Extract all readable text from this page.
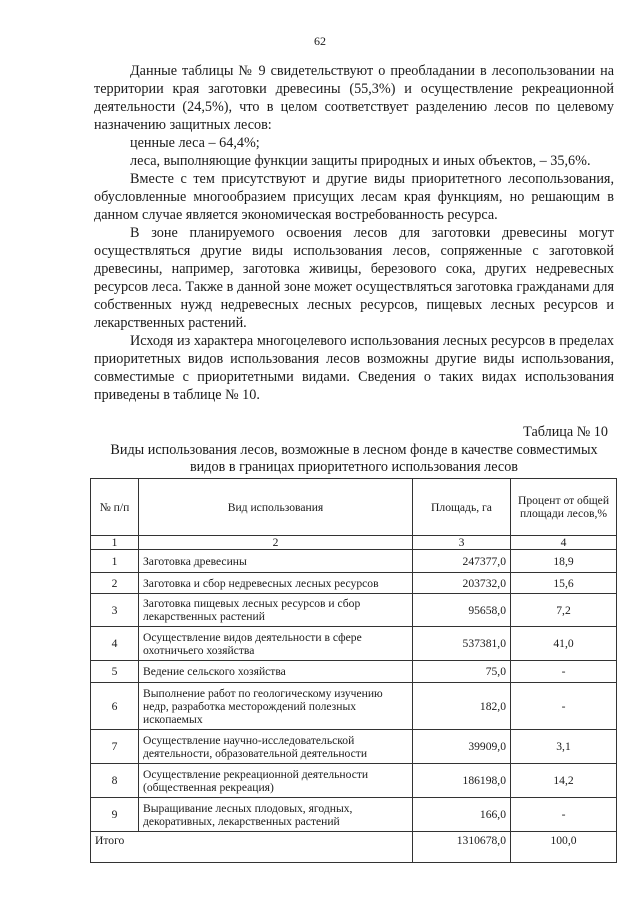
62

Данные таблицы № 9 свидетельствуют о преобладании в лесопользовании на территории края заготовки древесины (55,3%) и осуществление рекреационной деятельности (24,5%), что в целом соответствует разделению лесов по целевому назначению защитных лесов:

ценные леса – 64,4%;

леса, выполняющие функции защиты природных и иных объектов, – 35,6%.

Вместе с тем присутствуют и другие виды приоритетного лесопользования, обусловленные многообразием присущих лесам края функциям, но решающим в данном случае является экономическая востребованность ресурса.

В зоне планируемого освоения лесов для заготовки древесины могут осуществляться другие виды использования лесов, сопряженные с заготовкой древесины, например, заготовка живицы, березового сока, других недревесных ресурсов леса. Также в данной зоне может осуществляться заготовка гражданами для собственных нужд недревесных лесных ресурсов, пищевых лесных ресурсов и лекарственных растений.

Исходя из характера многоцелевого использования лесных ресурсов в пределах приоритетных видов использования лесов возможны другие виды использования, совместимые с приоритетными видами. Сведения о таких видах использования приведены в таблице № 10.

Таблица № 10
Виды использования лесов, возможные в лесном фонде в качестве совместимых видов в границах приоритетного использования лесов
№ п/п	Вид использования	Площадь, га	Процент от общей площади лесов,%
1	2	3	4
1	Заготовка древесины	247377,0	18,9
2	Заготовка и сбор недревесных лесных ресурсов	203732,0	15,6
3	Заготовка пищевых лесных ресурсов и сбор лекарственных растений	95658,0	7,2
4	Осуществление видов деятельности в сфере охотничьего хозяйства	537381,0	41,0
5	Ведение сельского хозяйства	75,0	-
6	Выполнение работ по геологическому изучению недр, разработка месторождений полезных ископаемых	182,0	-
7	Осуществление научно-исследовательской деятельности, образовательной деятельности	39909,0	3,1
8	Осуществление рекреационной деятельности (общественная рекреация)	186198,0	14,2
9	Выращивание лесных плодовых, ягодных, декоративных, лекарственных растений	166,0	-
Итого		1310678,0	100,0
